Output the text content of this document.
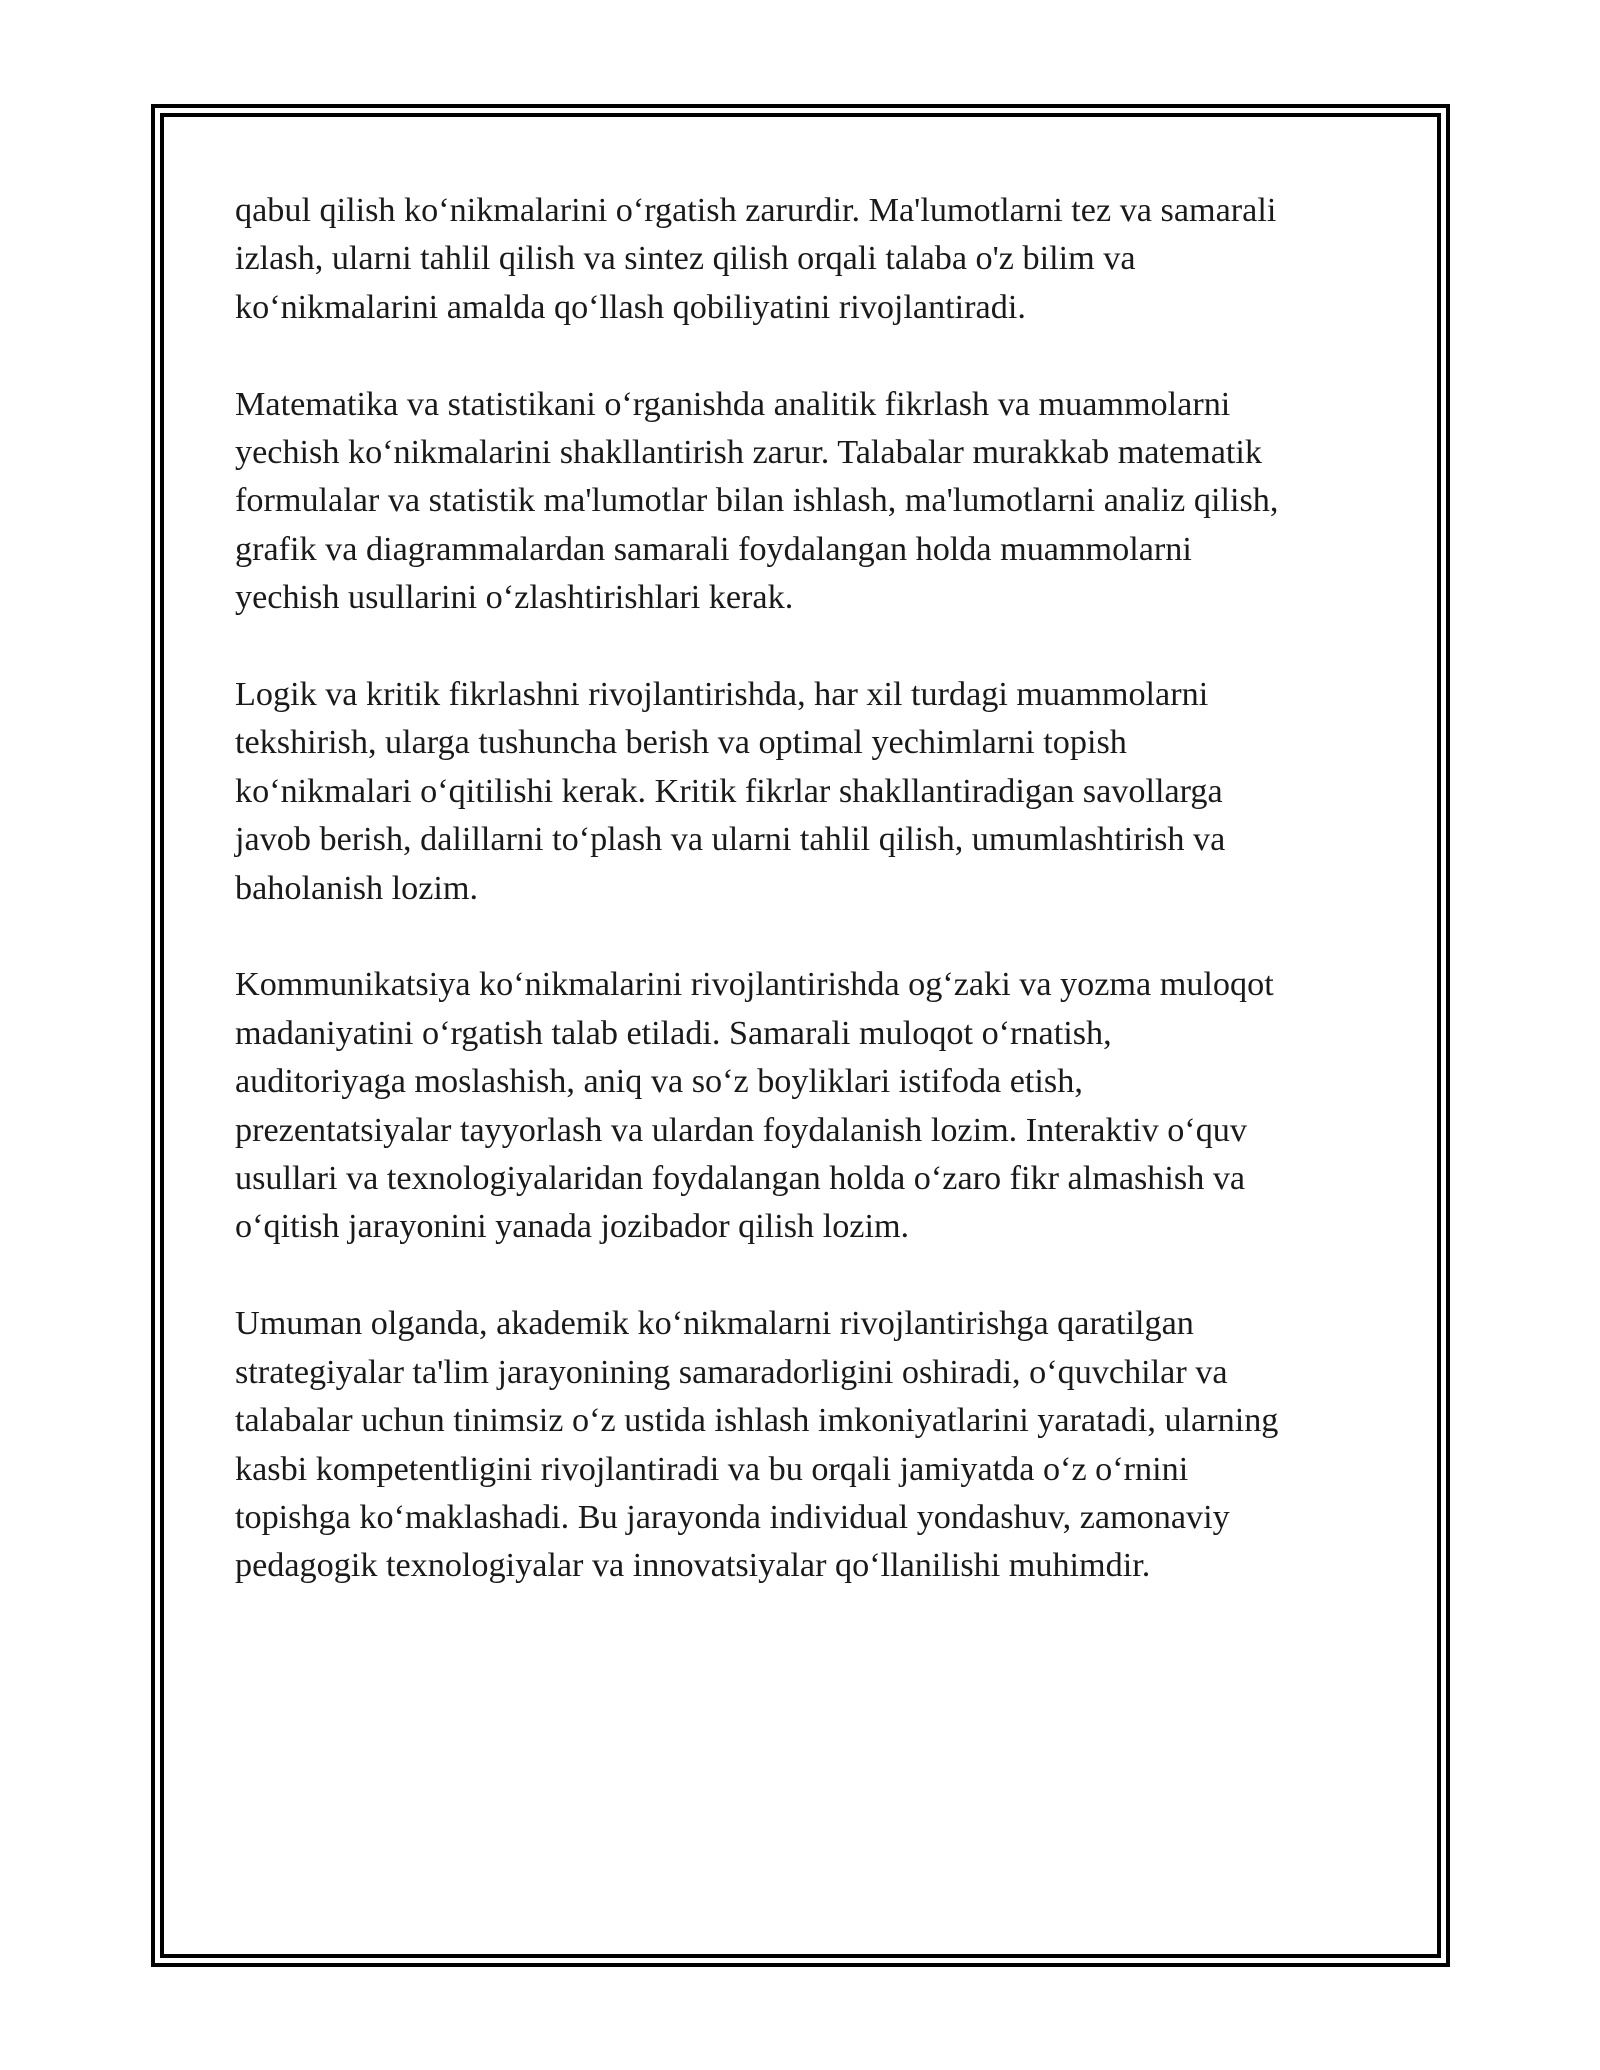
qabul qilish ko‘nikmalarini o‘rgatish zarurdir. Ma'lumotlarni tez va samarali
izlash, ularni tahlil qilish va sintez qilish orqali talaba o'z bilim va
ko‘nikmalarini amalda qo‘llash qobiliyatini rivojlantiradi.

Matematika va statistikani o‘rganishda analitik fikrlash va muammolarni
yechish ko‘nikmalarini shakllantirish zarur. Talabalar murakkab matematik
formulalar va statistik ma'lumotlar bilan ishlash, ma'lumotlarni analiz qilish,
grafik va diagrammalardan samarali foydalangan holda muammolarni
yechish usullarini o‘zlashtirishlari kerak.

Logik va kritik fikrlashni rivojlantirishda, har xil turdagi muammolarni
tekshirish, ularga tushuncha berish va optimal yechimlarni topish
ko‘nikmalari o‘qitilishi kerak. Kritik fikrlar shakllantiradigan savollarga
javob berish, dalillarni to‘plash va ularni tahlil qilish, umumlashtirish va
baholanish lozim.

Kommunikatsiya ko‘nikmalarini rivojlantirishda og‘zaki va yozma muloqot
madaniyatini o‘rgatish talab etiladi. Samarali muloqot o‘rnatish,
auditoriyaga moslashish, aniq va so‘z boyliklari istifoda etish,
prezentatsiyalar tayyorlash va ulardan foydalanish lozim. Interaktiv o‘quv
usullari va texnologiyalaridan foydalangan holda o‘zaro fikr almashish va
o‘qitish jarayonini yanada jozibador qilish lozim.

Umuman olganda, akademik ko‘nikmalarni rivojlantirishga qaratilgan
strategiyalar ta'lim jarayonining samaradorligini oshiradi, o‘quvchilar va
talabalar uchun tinimsiz o‘z ustida ishlash imkoniyatlarini yaratadi, ularning
kasbi kompetentligini rivojlantiradi va bu orqali jamiyatda o‘z o‘rnini
topishga ko‘maklashadi. Bu jarayonda individual yondashuv, zamonaviy
pedagogik texnologiyalar va innovatsiyalar qo‘llanilishi muhimdir.
